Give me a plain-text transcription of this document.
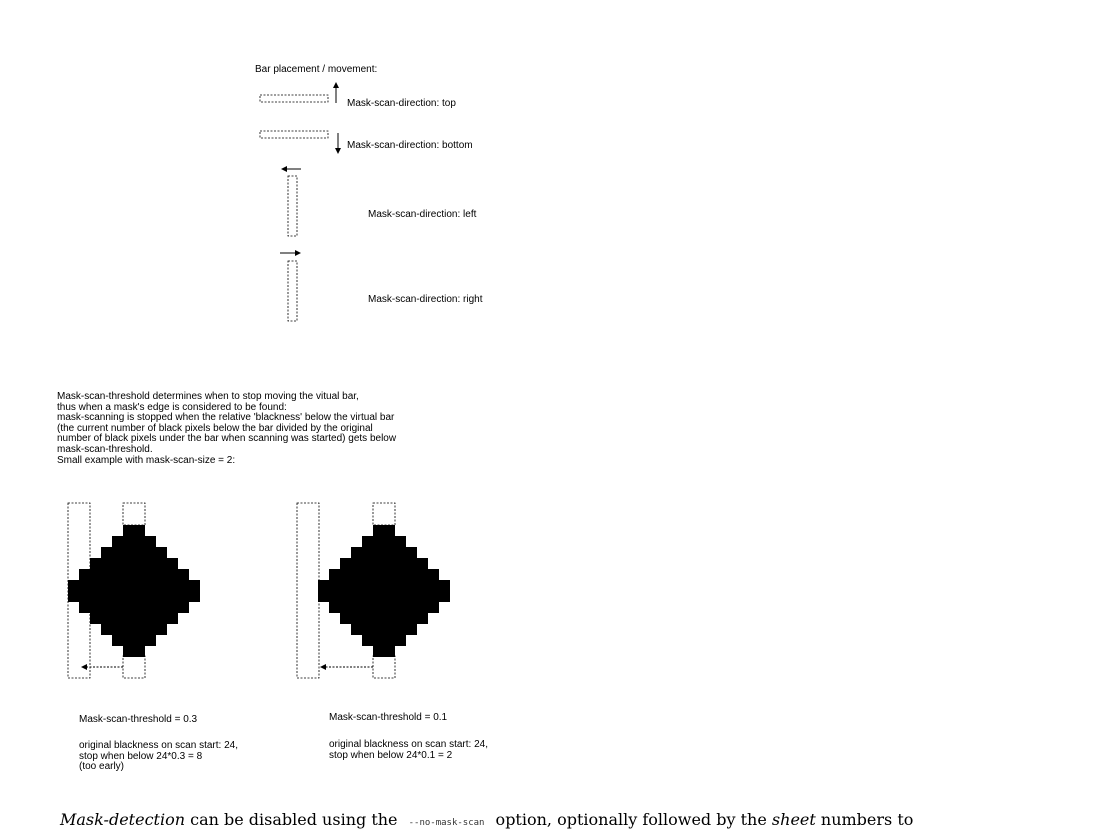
Bar placement / movement:
Mask-scan-direction: top
Mask-scan-direction: bottom
Mask-scan-direction: left
Mask-scan-direction: right
Mask-scan-threshold determines when to stop moving the vitual bar,
thus when a mask's edge is considered to be found:
mask-scanning is stopped when the relative 'blackness' below the virtual bar
(the current number of black pixels below the bar divided by the original
number of black pixels under the bar when scanning was started) gets below
mask-scan-threshold.
Small example with mask-scan-size = 2:
Mask-scan-threshold = 0.3
original blackness on scan start: 24,
stop when below 24*0.3 = 8
(too early)
Mask-scan-threshold = 0.1
original blackness on scan start: 24,
stop when below 24*0.1 = 2
Mask-detection can be disabled using the --no-mask-scan option, optionally followed by the sheet numbers to
